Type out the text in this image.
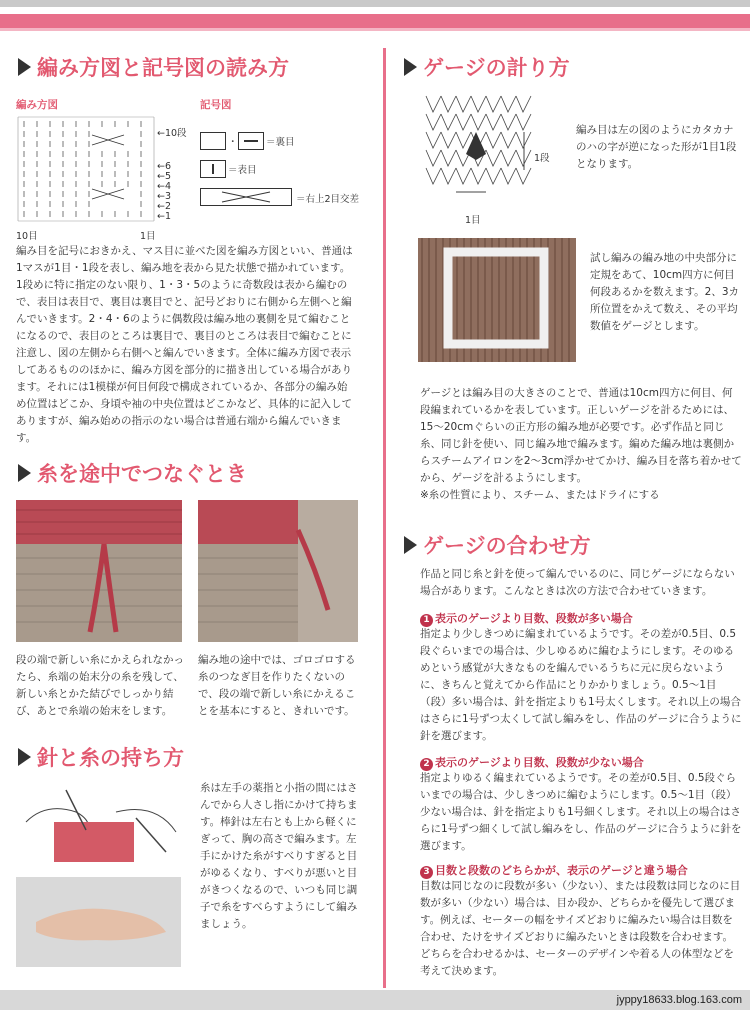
編み方図と記号図の読み方
編み方図	記号図
←10段
←6
←5
←4
←3
←2
←1
10目	1目
・	＝裏目
＝表目
＝右上2目交差
編み目を記号におきかえ、マス目に並べた図を編み方図といい、普通は1マスが1目・1段を表し、編み地を表から見た状態で描かれています。1段めに特に指定のない限り、1・3・5のように奇数段は表から編むので、表目は表目で、裏目は裏目でと、記号どおりに右側から左側へと編んでいきます。2・4・6のように偶数段は編み地の裏側を見て編むことになるので、表目のところは裏目で、裏目のところは表目で編むことに注意し、図の左側から右側へと編んでいきます。全体に編み方図で表示してあるもののほかに、編み方図を部分的に描き出している場合があります。それには1模様が何目何段で構成されているか、各部分の編み始め位置はどこか、身頃や袖の中央位置はどこかなど、具体的に記入してありますが、編み始めの指示のない場合は普通右端から編んでいきます。
糸を途中でつなぐとき
段の端で新しい糸にかえられなかったら、糸端の始末分の糸を残して、新しい糸とかた結びでしっかり結び、あとで糸端の始末をします。
編み地の途中では、ゴロゴロする糸のつなぎ目を作りたくないので、段の端で新しい糸にかえることを基本にすると、きれいです。
針と糸の持ち方
糸は左手の薬指と小指の間にはさんでから人さし指にかけて持ちます。棒針は左右とも上から軽くにぎって、胸の高さで編みます。左手にかけた糸がすべりすぎると目がゆるくなり、すべりが悪いと目がきつくなるので、いつも同じ調子で糸をすべらすようにして編みましょう。
ゲージの計り方
1段
1目
編み目は左の図のようにカタカナのハの字が逆になった形が1目1段となります。
試し編みの編み地の中央部分に定規をあて、10cm四方に何目何段あるかを数えます。2、3カ所位置をかえて数え、その平均数値をゲージとします。
ゲージとは編み目の大きさのことで、普通は10cm四方に何目、何段編まれているかを表しています。正しいゲージを計るためには、15～20cmぐらいの正方形の編み地が必要です。必ず作品と同じ糸、同じ針を使い、同じ編み地で編みます。編めた編み地は裏側からスチームアイロンを2～3cm浮かせてかけ、編み目を落ち着かせてから、ゲージを計るようにします。
※糸の性質により、スチーム、またはドライにする
ゲージの合わせ方
作品と同じ糸と針を使って編んでいるのに、同じゲージにならない場合があります。こんなときは次の方法で合わせていきます。
1 表示のゲージより目数、段数が多い場合
指定より少しきつめに編まれているようです。その差が0.5目、0.5段ぐらいまでの場合は、少しゆるめに編むようにします。そのゆるめという感覚が大きなものを編んでいるうちに元に戻らないように、きちんと覚えてから作品にとりかかりましょう。0.5～1目（段）多い場合は、針を指定よりも1号太くします。それ以上の場合はさらに1号ずつ太くして試し編みをし、作品のゲージに合うように針を選びます。
2 表示のゲージより目数、段数が少ない場合
指定よりゆるく編まれているようです。その差が0.5目、0.5段ぐらいまでの場合は、少しきつめに編むようにします。0.5～1目（段）少ない場合は、針を指定よりも1号細くします。それ以上の場合はさらに1号ずつ細くして試し編みをし、作品のゲージに合うように針を選びます。
3 目数と段数のどちらかが、表示のゲージと違う場合
目数は同じなのに段数が多い（少ない）、または段数は同じなのに目数が多い（少ない）場合は、目か段か、どちらかを優先して選びます。例えば、セーターの幅をサイズどおりに編みたい場合は目数を合わせ、たけをサイズどおりに編みたいときは段数を合わせます。どちらを合わせるかは、セーターのデザインや着る人の体型などを考えて決めます。
jyppy18633.blog.163.com
